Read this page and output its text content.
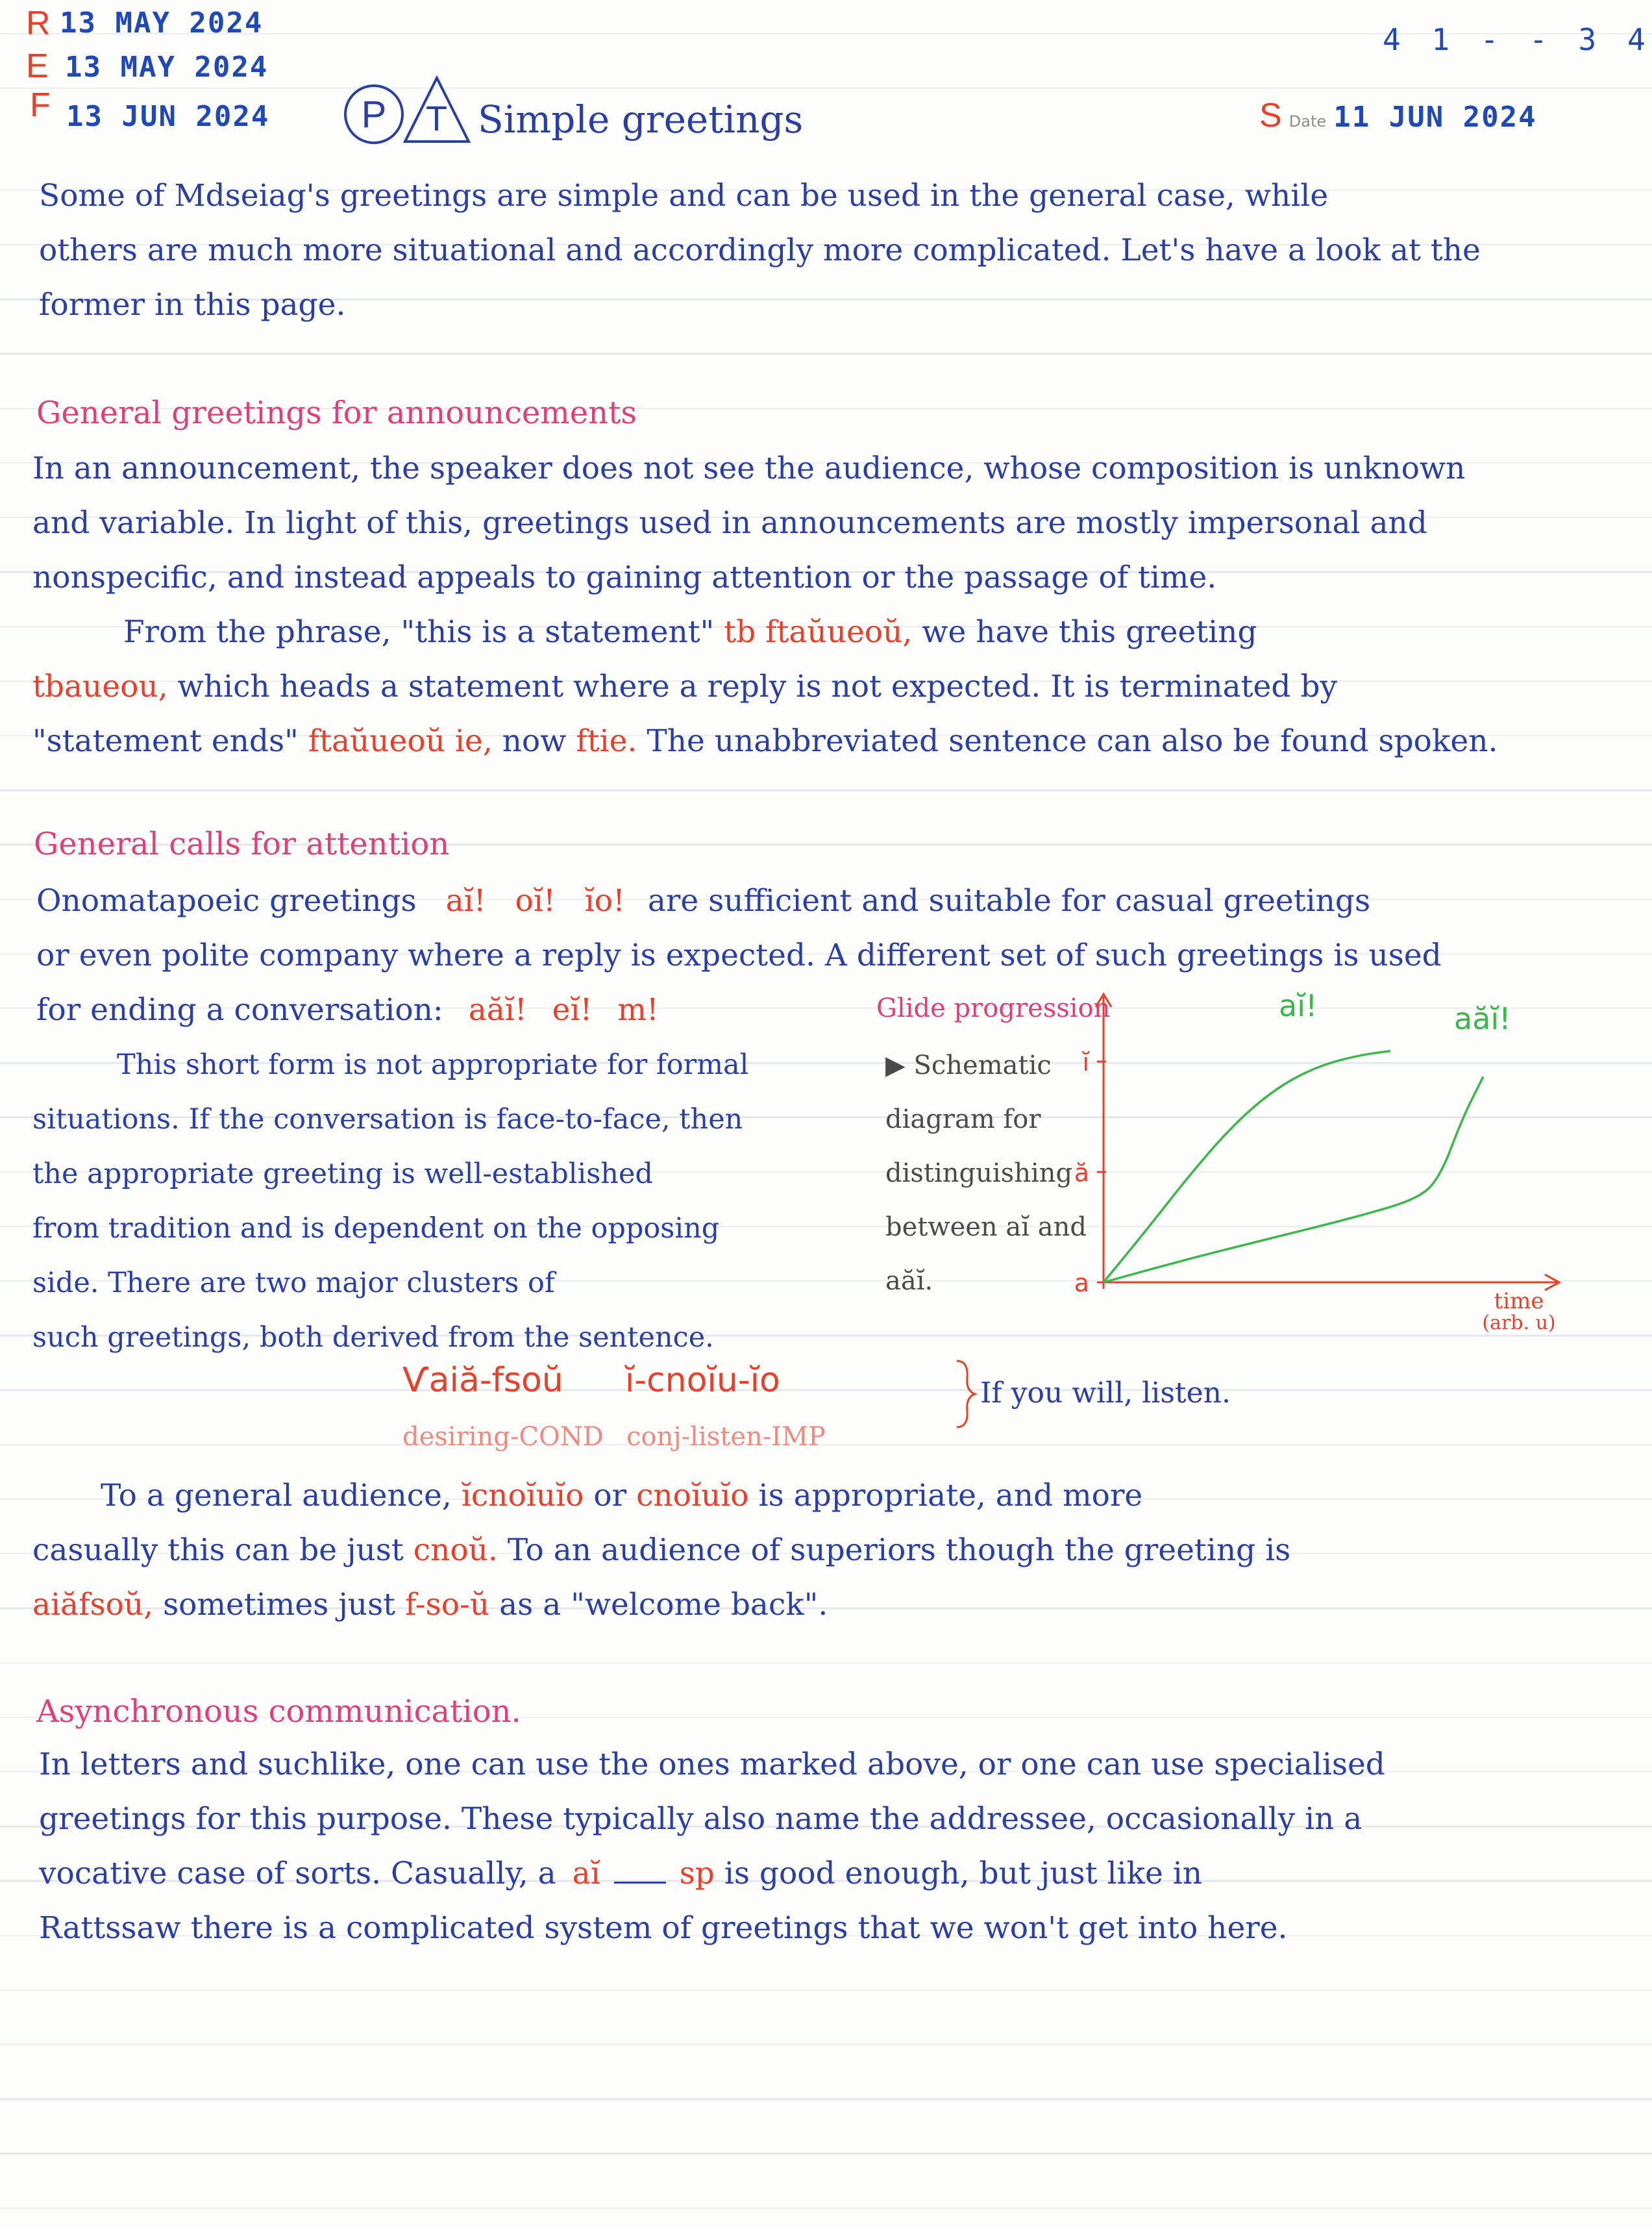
R 13 MAY 2024
E 13 MAY 2024
F 13 JUN 2024
4 1 - - 3 4
S Date 11 JUN 2024
P	T Simple greetings

Some of Mdseiag's greetings are simple and can be used in the general case, while

others are much more situational and accordingly more complicated. Let's have a look at the

former in this page.

General greetings for announcements

In an announcement, the speaker does not see the audience, whose composition is unknown

and variable. In light of this, greetings used in announcements are mostly impersonal and

nonspecific, and instead appeals to gaining attention or the passage of time.

From the phrase, "this is a statement" tb ftaŭueoŭ, we have this greeting

tbaueou, which heads a statement where a reply is not expected. It is terminated by

"statement ends" ftaŭueoŭ ie, now ftie. The unabbreviated sentence can also be found spoken.

General calls for attention

Onomatapoeic greetings aĭ! oĭ! ĭo! are sufficient and suitable for casual greetings

or even polite company where a reply is expected. A different set of such greetings is used

for ending a conversation: aăĭ! eĭ! m!

This short form is not appropriate for formal

situations. If the conversation is face-to-face, then

the appropriate greeting is well-established

from tradition and is dependent on the opposing

side. There are two major clusters of

such greetings, both derived from the sentence.

Glide progression
▶ Schematic
diagram for
distinguishing
between aĭ and
aăĭ.
ĭ
ă
a
time
(arb. u)
aĭ!	aăĭ!
Ѵaiă-fsoŭ ĭ-cnoĭu-ĭo	If you will, listen.
desiring-COND conj-listen-IMP

To a general audience, ĭcnoĭuĭo or cnoĭuĭo is appropriate, and more

casually this can be just cnoŭ. To an audience of superiors though the greeting is

aiăfsoŭ, sometimes just f-so-ŭ as a "welcome back".

Asynchronous communication.

In letters and suchlike, one can use the ones marked above, or one can use specialised

greetings for this purpose. These typically also name the addressee, occasionally in a

vocative case of sorts. Casually, a aĭ	sp is good enough, but just like in

Rattssaw there is a complicated system of greetings that we won't get into here.
